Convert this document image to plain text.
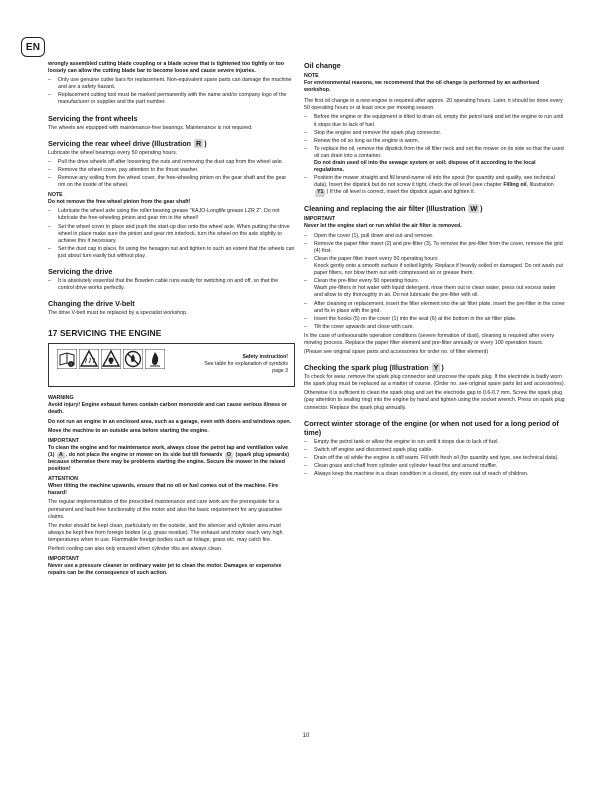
EN

wrongly assembled cutting blade coupling or a blade screw that is tightened too tightly or too loosely can allow the cutting blade bar to become loose and cause severe injuries.

– Only use genuine cutter bars for replacement. Non-equivalent spare parts can damage the machine and are a safety hazard.
– Replacement cutting tool must be marked permanently with the name and/or company logo of the manufacturer or supplier and the part number.
Servicing the front wheels

The wheels are equipped with maintenance-free bearings. Maintenance is not required.

Servicing the rear wheel drive (Illustration R )

Lubricate the wheel bearings every 50 operating hours.

– Pull the drive wheels off after loosening the nuts and removing the dust cap from the wheel axle.
– Remove the wheel cover, pay attention to the thrust washer.
– Remove any soiling from the wheel cover, the free-wheeling pinion on the gear shaft and the gear rim on the inside of the wheel.

NOTE

Do not remove the free wheel pinion from the gear shaft!

– Lubricate the wheel axle using the roller bearing grease "KAJO-Longlife grease LZR 2". Do not lubricate the free-wheeling pinion and gear rim in the wheel!
– Set the wheel cover in place and push the start-up disc onto the wheel axle. When putting the drive wheel in place make sure the pinion and gear rim interlock, turn the wheel on the axle slightly to achieve this if necessary.
– Set the dust cap in place, fix using the hexagon nut and tighten to such an extent that the wheels can just about turn easily but without play.
Servicing the drive
– It is absolutely essential that the Bowden cable runs easily for switching on and off, so that the control drive works perfectly.
Changing the drive V-belt

The drive V-belt must be replaced by a specialist workshop.

17 SERVICING THE ENGINE
i
Safety instruction!
See table for explanation of symbols
page 3

WARNING

Avoid injury! Engine exhaust fumes contain carbon monoxide and can cause serious illness or death.

Do not run an engine in an enclosed area, such as a garage, even with doors and windows open.

Move the machine to an outside area before starting the engine.

IMPORTANT

To clean the engine and for maintenance work, always close the petrol tap and ventilation valve (1) A , do not place the engine or mower on its side but tilt forwards O (spark plug upwards) because otherwise there may be problems starting the engine. Secure the mower in the raised position!

ATTENTION

When tilting the machine upwards, ensure that no oil or fuel comes out of the machine. Fire hazard!

The regular implementation of the prescribed maintenance and care work are the prerequisite for a permanent and fault-free functionality of the motor and also the basic requirement for any guarantee claims.

The motor should be kept clean, particularly on the outside, and the silencer and cylinder area must always be kept free from foreign bodies (e.g. grass residue). The exhaust and motor reach very high temperatures when in use. Flammable foreign bodies such as foliage, grass etc. may catch fire.

Perfect cooling can also only ensured when cylinder ribs are always clean.

IMPORTANT

Never use a pressure cleaner or ordinary water jet to clean the motor. Damages or expensive repairs can be the consequence of such action.

Oil change

NOTE

For environmental reasons, we recommend that the oil change is performed by an authorised workshop.

The first oil change in a new engine is required after approx. 20 operating hours. Later, it should be done every 50 operating hours or at least once per mowing season.

– Before the engine or the equipment is tilted to drain oil, empty the petrol tank and let the engine to run until it stops due to lack of fuel.
– Stop the engine and remove the spark plug connector.
– Renew the oil so long as the engine is warm.
– To replace the oil, remove the dipstick from the oil filler neck and set the mower on its side so that the used oil can drain into a container.
Do not drain used oil into the sewage system or soil; dispose of it according to the local regulations.
– Position the mower straight and fill brand-name oil into the spout (for quantity and quality, see technical data). Insert the dipstick but do not screw it tight, check the oil level (see chapter Filling oil, Illustration Y1 ) If the oil level is correct, insert the dipstick again and tighten it.
Cleaning and replacing the air filter (Illustration W )

IMPORTANT

Never let the engine start or run whilst the air filter is removed.

– Open the cover (1), pull down and out and remove.
– Remove the paper filter insert (2) and pre-filter (3). To remove the pre-filter from the cover, remove the grid (4) first.
– Clean the paper filter insert every 50 operating hours
Knock gently onto a smooth surface if soiled lightly. Replace if heavily soiled or damaged. Do not wash out paper filters, nor blow them out with compressed air or grease them.
– Clean the pre-filter every 50 operating hours.
Wash pre-filters in hot water with liquid detergent, rinse them out in clean water, press out excess water and allow to dry thoroughly in air. Do not lubricate the pre-filter with oil.
– After cleaning or replacement, insert the filter element into the air filter plate, insert the pre-filter in the cover and fix in place with the grid.
– Insert the hooks (5) on the cover (1) into the seat (6) at the bottom in the air filter plate.
– Tilt the cover upwards and close with care.

In the case of unfavourable operation conditions (severe formation of dust), cleaning is required after every mowing process. Replace the paper filter element and pre-filter annually or every 100 operation hours.

(Please see original spare parts and accessories for order no. of filter element)

Checking the spark plug (Illustration Y )

To check for wear, remove the spark plug connector and unscrew the spark plug. If the electrode is badly worn the spark plug must be replaced as a matter of course. (Order no. see original spare parts list and accessories).

Otherwise it is sufficient to clean the spark plug and set the electrode gap to 0.6-0.7 mm. Screw the spark plug (pay attention to sealing ring) into the engine by hand and tighten using the socket wrench. Press on spark plug connector. Replace the spark plug annually.

Correct winter storage of the engine (or when not used for a long period of time)
– Empty the petrol tank or allow the engine to run until it stops due to lack of fuel.
– Switch off engine and disconnect spark plug cable.
– Drain off the oil while the engine is still warm. Fill with fresh oil (for quantity and type, see technical data).
– Clean grass and chaff from cylinder and cylinder head fins and around muffler.
– Always keep the machine in a clean condition in a closed, dry room out of reach of children.
10
